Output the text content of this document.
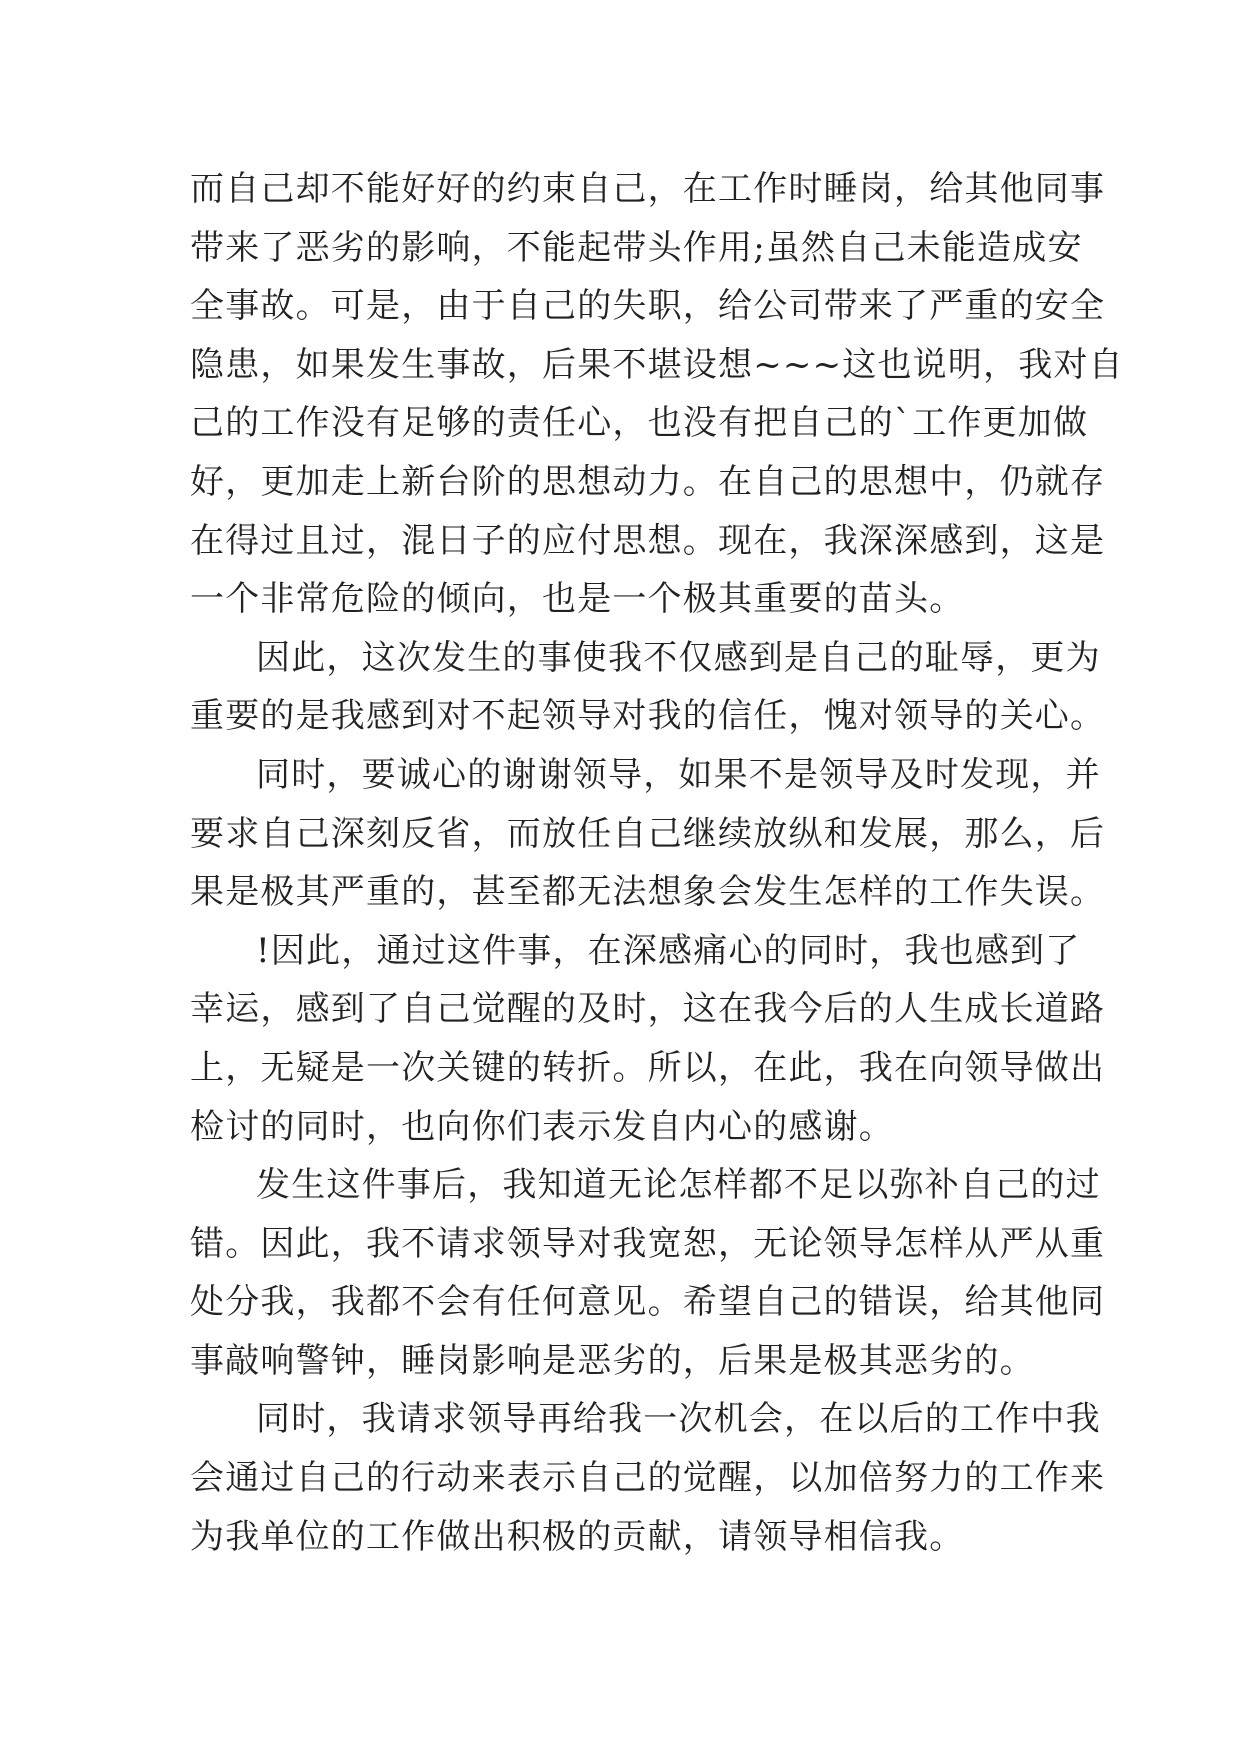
而自己却不能好好的约束自己，在工作时睡岗，给其他同事
带来了恶劣的影响，不能起带头作用;虽然自己未能造成安
全事故。可是，由于自己的失职，给公司带来了严重的安全
隐患，如果发生事故，后果不堪设想~~~这也说明，我对自
己的工作没有足够的责任心，也没有把自己的`工作更加做
好，更加走上新台阶的思想动力。在自己的思想中，仍就存
在得过且过，混日子的应付思想。现在，我深深感到，这是
一个非常危险的倾向，也是一个极其重要的苗头。
因此，这次发生的事使我不仅感到是自己的耻辱，更为
重要的是我感到对不起领导对我的信任，愧对领导的关心。
同时，要诚心的谢谢领导，如果不是领导及时发现，并
要求自己深刻反省，而放任自己继续放纵和发展，那么，后
果是极其严重的，甚至都无法想象会发生怎样的工作失误。
!因此，通过这件事，在深感痛心的同时，我也感到了
幸运，感到了自己觉醒的及时，这在我今后的人生成长道路
上，无疑是一次关键的转折。所以，在此，我在向领导做出
检讨的同时，也向你们表示发自内心的感谢。
发生这件事后，我知道无论怎样都不足以弥补自己的过
错。因此，我不请求领导对我宽恕，无论领导怎样从严从重
处分我，我都不会有任何意见。希望自己的错误，给其他同
事敲响警钟，睡岗影响是恶劣的，后果是极其恶劣的。
同时，我请求领导再给我一次机会，在以后的工作中我
会通过自己的行动来表示自己的觉醒，以加倍努力的工作来
为我单位的工作做出积极的贡献，请领导相信我。
